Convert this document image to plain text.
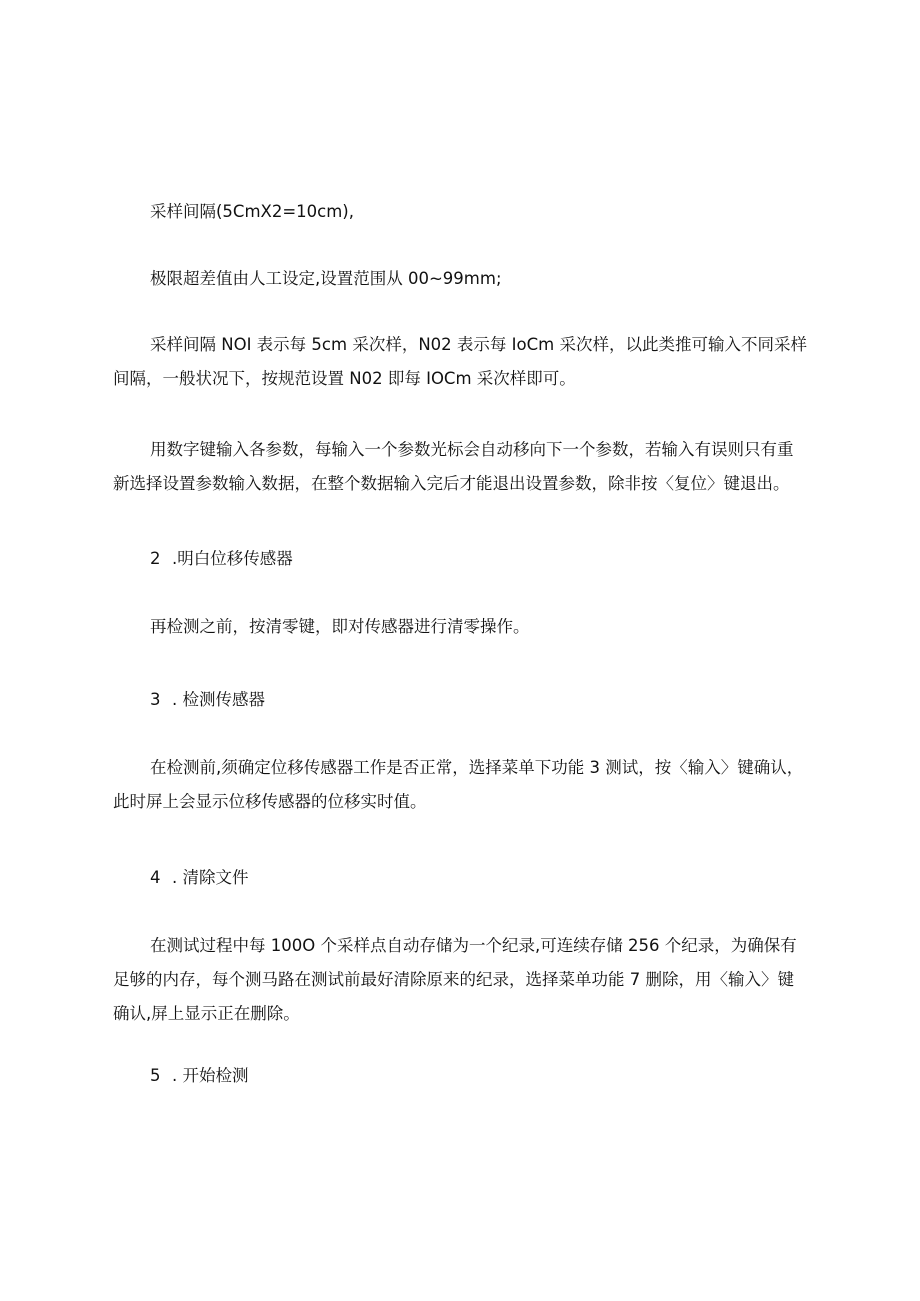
采样间隔(5CmX2=10cm),

极限超差值由人工设定,设置范围从 00~99mm;

采样间隔 NOI 表示每 5cm 采次样，N02 表示每 IoCm 采次样，以此类推可输入不同采样
间隔，一般状况下，按规范设置 N02 即每 IOCm 采次样即可。

用数字键输入各参数，每输入一个参数光标会自动移向下一个参数，若输入有误则只有重
新选择设置参数输入数据，在整个数据输入完后才能退出设置参数，除非按〈复位〉键退出。

2 .明白位移传感器

再检测之前，按清零键，即对传感器进行清零操作。

3 . 检测传感器

在检测前,须确定位移传感器工作是否正常，选择菜单下功能 3 测试，按〈输入〉键确认，
此时屏上会显示位移传感器的位移实时值。

4 . 清除文件

在测试过程中每 100O 个采样点自动存储为一个纪录,可连续存储 256 个纪录，为确保有
足够的内存，每个测马路在测试前最好清除原来的纪录，选择菜单功能 7 删除，用〈输入〉键
确认,屏上显示正在删除。

5 . 开始检测
